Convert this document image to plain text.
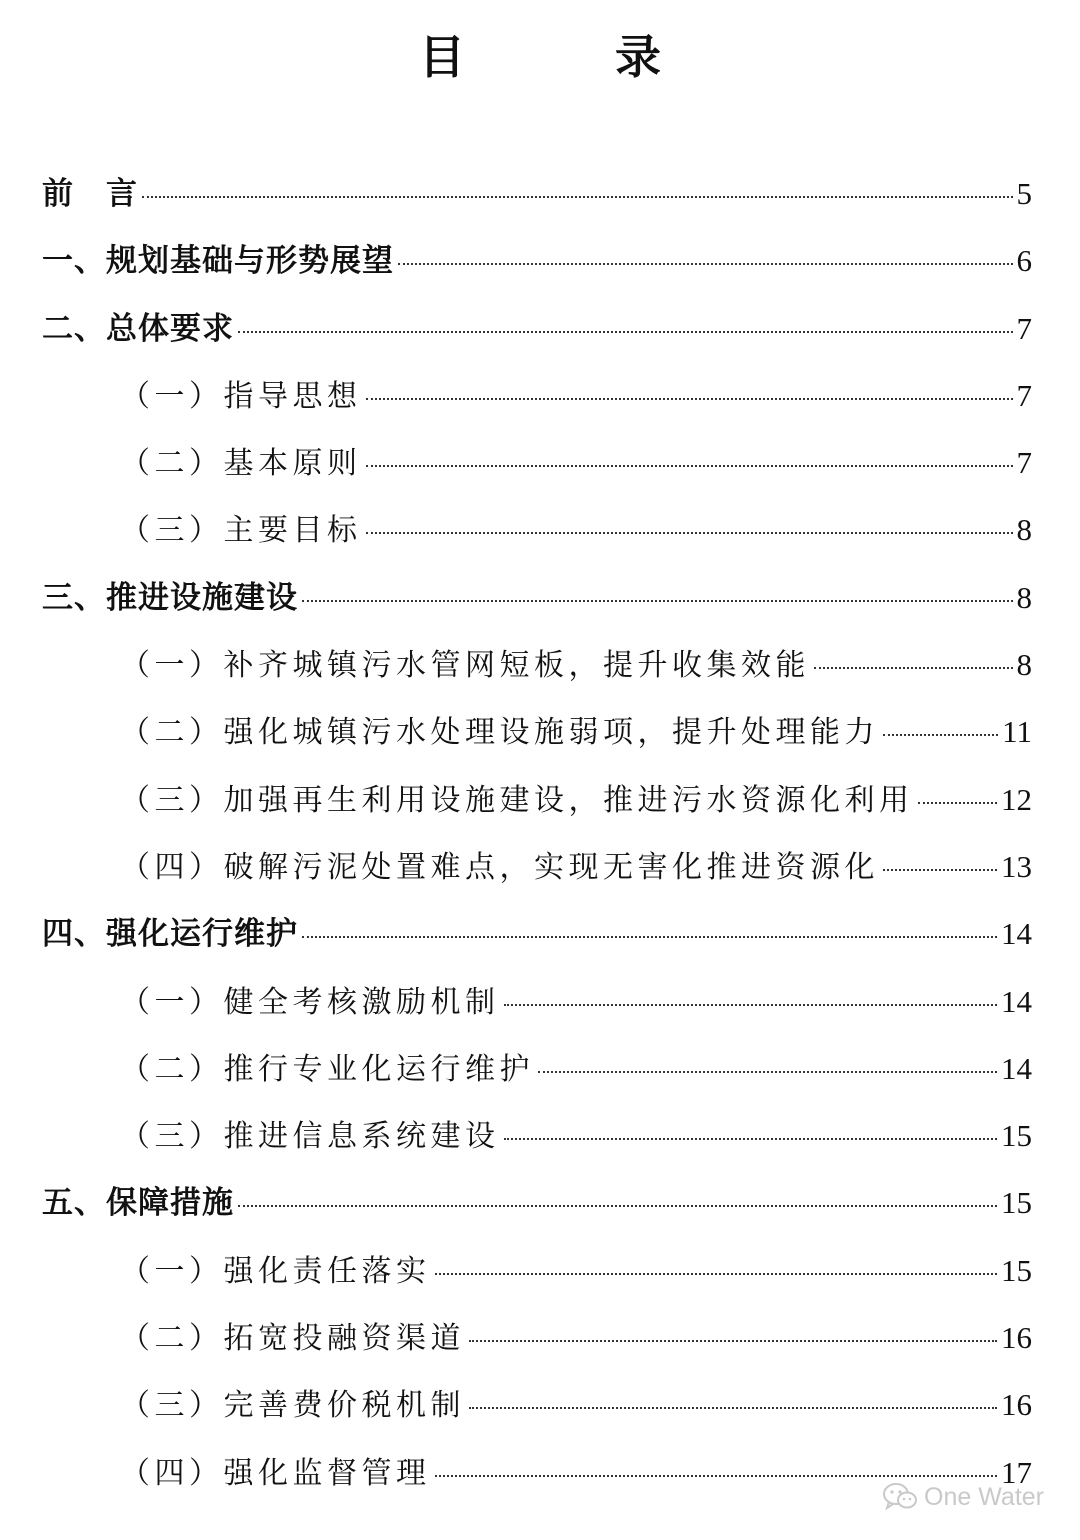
目　录
前　言	5
一、规划基础与形势展望	6
二、总体要求	7
（一）指导思想	7
（二）基本原则	7
（三）主要目标	8
三、推进设施建设	8
（一）补齐城镇污水管网短板，提升收集效能	8
（二）强化城镇污水处理设施弱项，提升处理能力	11
（三）加强再生利用设施建设，推进污水资源化利用	12
（四）破解污泥处置难点，实现无害化推进资源化	13
四、强化运行维护	14
（一）健全考核激励机制	14
（二）推行专业化运行维护	14
（三）推进信息系统建设	15
五、保障措施	15
（一）强化责任落实	15
（二）拓宽投融资渠道	16
（三）完善费价税机制	16
（四）强化监督管理	17
One Water
